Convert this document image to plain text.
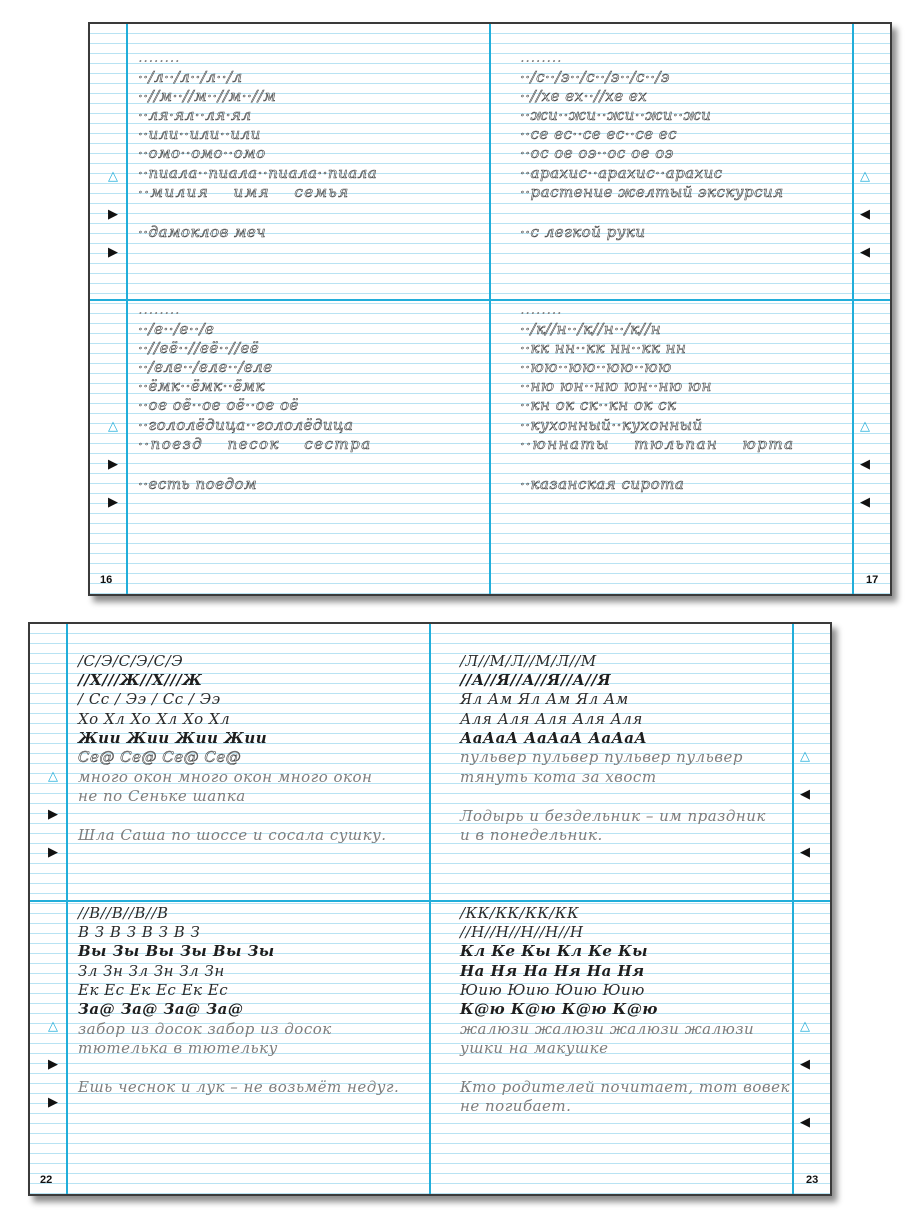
........
··/л··/л··/л··/л
··//м··//м··//м··//м
··ля·ял··ля·ял
··или··или··или
··омо··омо··омо
··пиала··пиала··пиала··пиала
··милия имя семья
··дамоклов меч
........
··/с··/э··/с··/э··/с··/э
··//хе ех··//хе ех
··жи··жи··жи··жи··жи
··се ес··се ес··се ес
··ос ое оэ··ос ое оэ
··арахис··арахис··арахис
··растение желтый экскурсия
··с легкой руки
........
··/е··/е··/е
··//её··//её··//её
··/еле··/еле··/еле
··ёмк··ёмк··ёмк
··ое оё··ое оё··ое оё
··гололёдица··гололёдица
··поезд песок сестра
··есть поедом
........
··/к//н··/к//н··/к//н
··кк нн··кк нн··кк нн
··юю··юю··юю··юю
··ню юн··ню юн··ню юн
··кн ок ск··кн ок ск
··кухонный··кухонный
··юннаты тюльпан юрта
··казанская сирота
△
▶
▶
△
▶
▶
△
◀
◀
△
◀
◀
16	17
/С/Э/С/Э/С/Э
//Х///Ж//Х///Ж
/ Сс / Ээ / Сс / Ээ
Хо Хл Хо Хл Хо Хл
Жии Жии Жии Жии
Сe@ Сe@ Сe@ Сe@
много окон много окон много окон
не по Сеньке шапка
Шла Саша по шоссе и сосала сушку.
/Л//М/Л//М/Л//М
//А//Я//А//Я//А//Я
Ял Ам Ял Ам Ял Ам
Аля Аля Аля Аля Аля
АаАаА АаАаА АаАаА
пульвер пульвер пульвер пульвер
тянуть кота за хвост
Лодырь и бездельник – им праздник
и в понедельник.
//В//В//В//В
В З В З В З В З
Вы Зы Вы Зы Вы Зы
Зл Зн Зл Зн Зл Зн
Ек Ес Ек Ес Ек Ес
За@ За@ За@ За@
забор из досок забор из досок
тютелька в тютельку
Ешь чеснок и лук – не возьмёт недуг.
/КК/КК/КК/КК
//Н//Н//Н//Н//Н
Кл Ке Кы Кл Ке Кы
На Ня На Ня На Ня
Юию Юию Юию Юию
К@ю К@ю К@ю К@ю
жалюзи жалюзи жалюзи жалюзи
ушки на макушке
Кто родителей почитает, тот вовек
не погибает.
△
▶
▶
△
▶
▶
△
◀
◀
△
◀
◀
22	23
